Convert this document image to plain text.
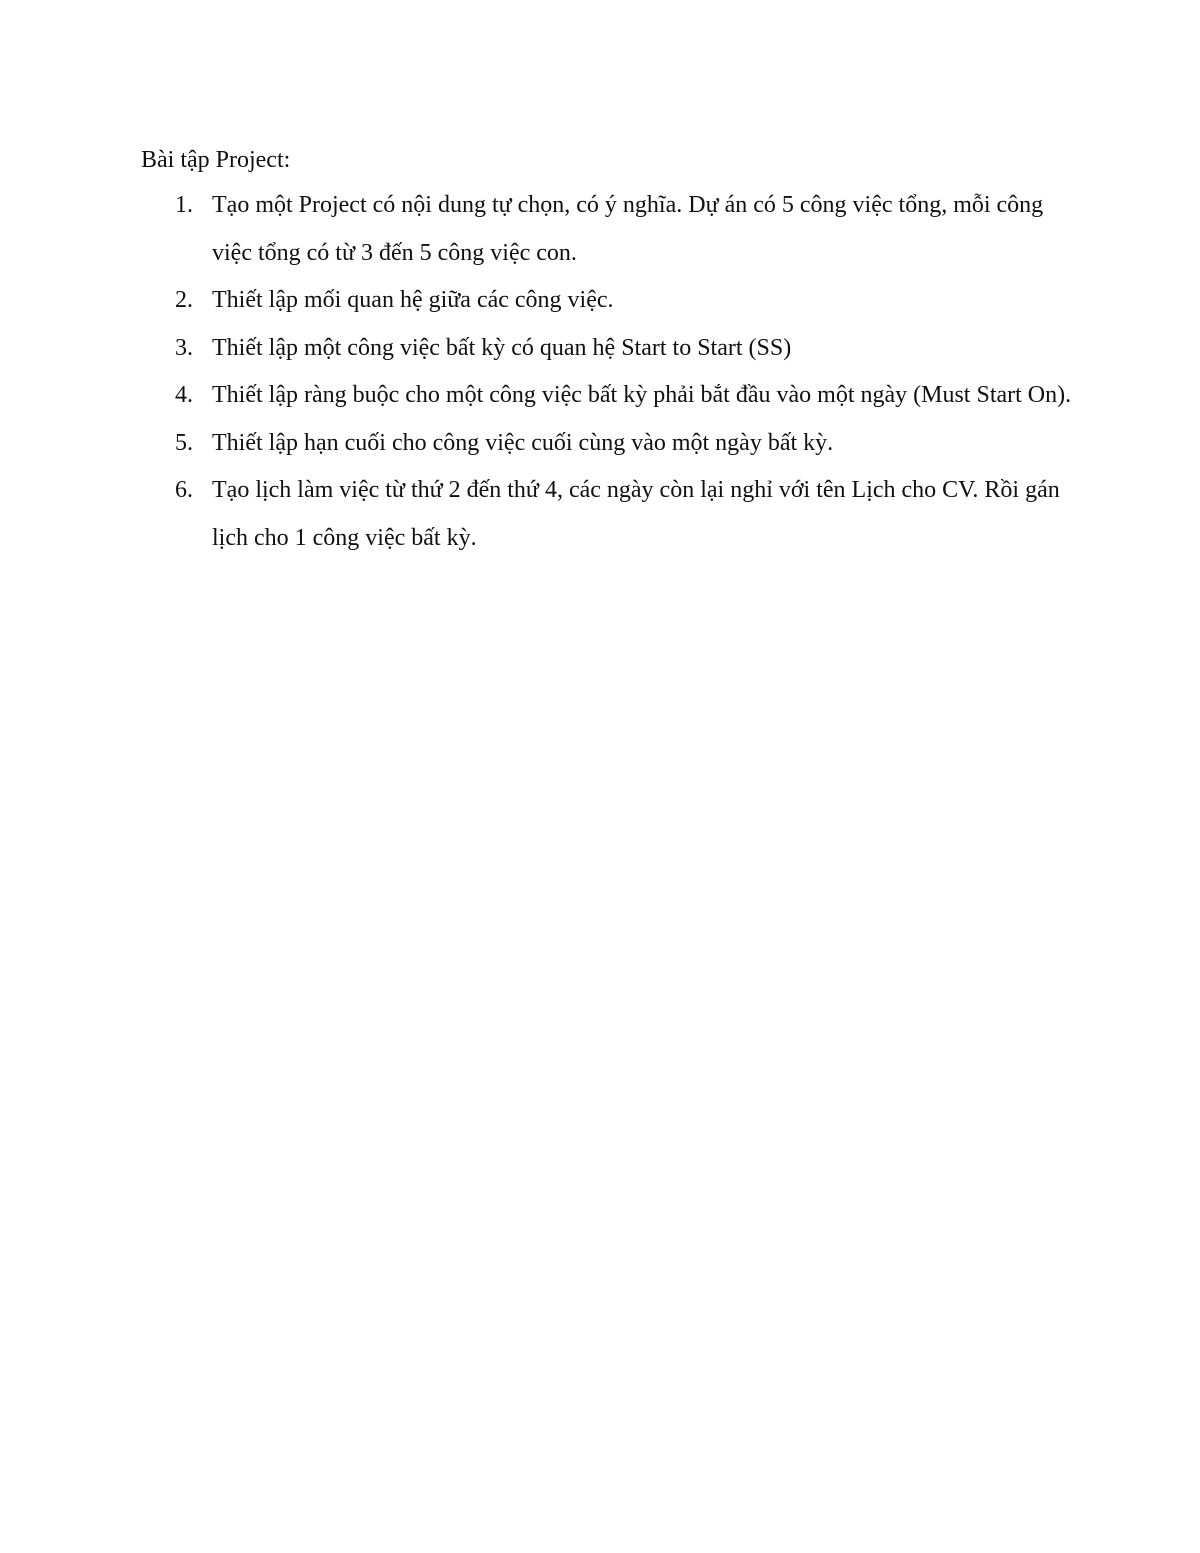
Bài tập Project:

1. Tạo một Project có nội dung tự chọn, có ý nghĩa. Dự án có 5 công việc tổng, mỗi công việc tổng có từ 3 đến 5 công việc con.
2. Thiết lập mối quan hệ giữa các công việc.
3. Thiết lập một công việc bất kỳ có quan hệ Start to Start (SS)
4. Thiết lập ràng buộc cho một công việc bất kỳ phải bắt đầu vào một ngày (Must Start On).
5. Thiết lập hạn cuối cho công việc cuối cùng vào một ngày bất kỳ.
6. Tạo lịch làm việc từ thứ 2 đến thứ 4, các ngày còn lại nghỉ với tên Lịch cho CV. Rồi gán lịch cho 1 công việc bất kỳ.
